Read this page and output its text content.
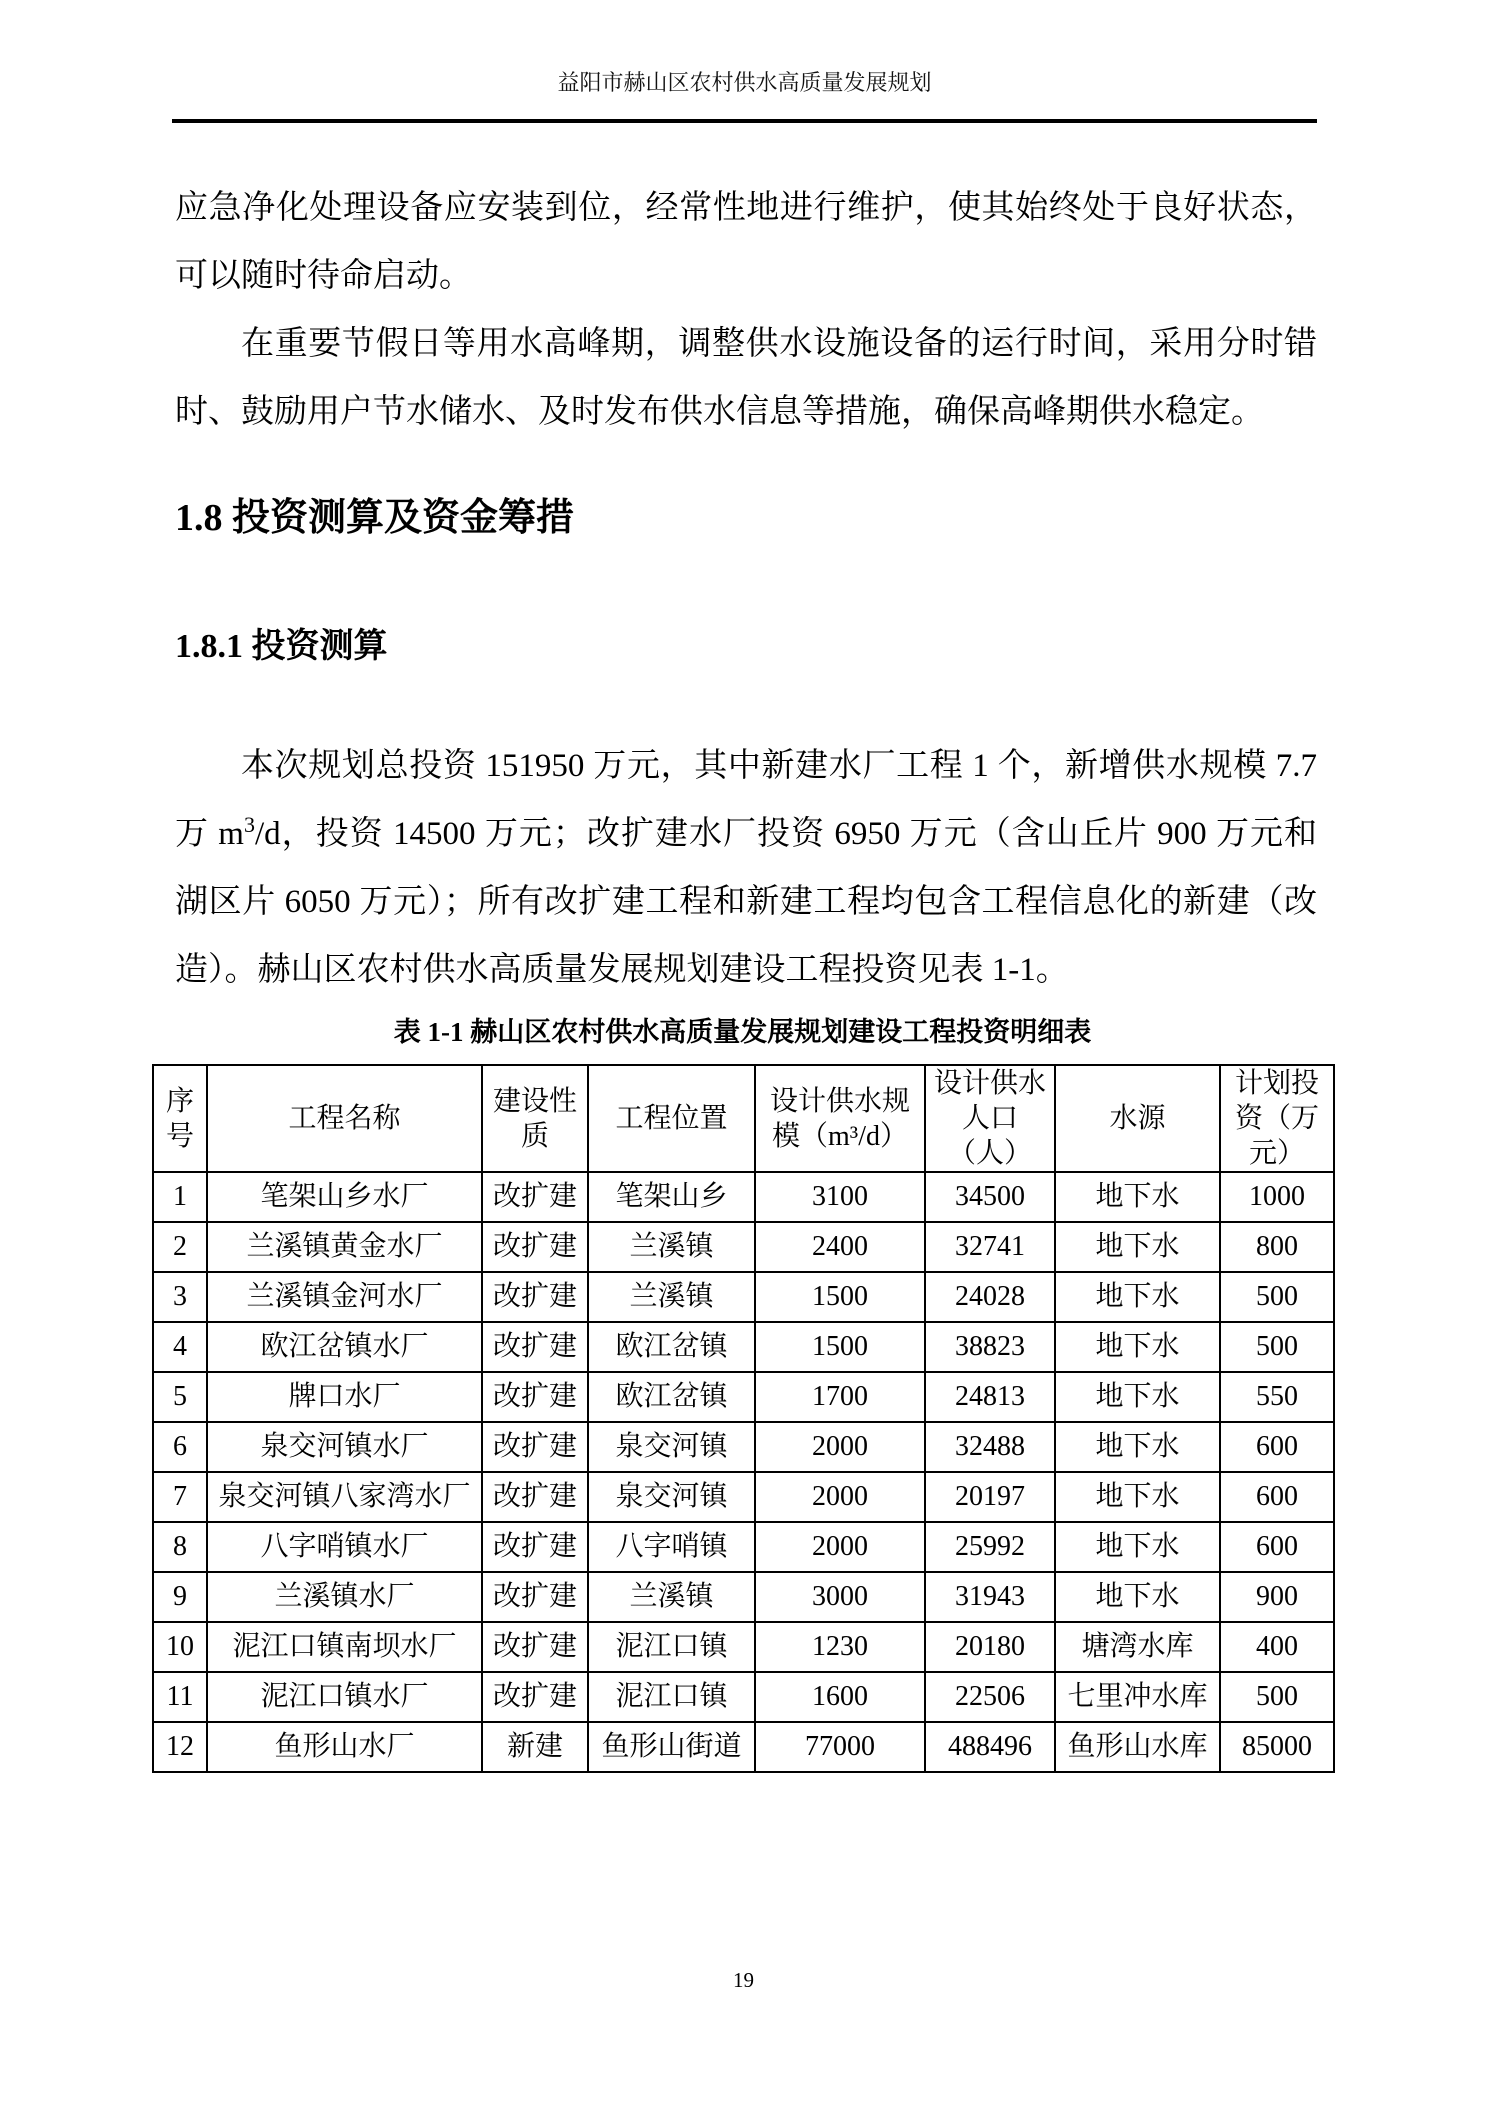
益阳市赫山区农村供水高质量发展规划

应急净化处理设备应安装到位，经常性地进行维护，使其始终处于良好状态，可以随时待命启动。

在重要节假日等用水高峰期，调整供水设施设备的运行时间，采用分时错时、鼓励用户节水储水、及时发布供水信息等措施，确保高峰期供水稳定。

1.8 投资测算及资金筹措
1.8.1 投资测算

本次规划总投资 151950 万元，其中新建水厂工程 1 个，新增供水规模 7.7 万 $m^3/d$，投资 14500 万元；改扩建水厂投资 6950 万元（含山丘片 900 万元和湖区片 6050 万元）；所有改扩建工程和新建工程均包含工程信息化的新建（改造）。赫山区农村供水高质量发展规划建设工程投资见表 1-1。

表 1-1 赫山区农村供水高质量发展规划建设工程投资明细表
序号	工程名称	建设性质	工程位置	设计供水规模（m³/d）	设计供水人口（人）	水源	计划投资（万元）
1	笔架山乡水厂	改扩建	笔架山乡	3100	34500	地下水	1000
2	兰溪镇黄金水厂	改扩建	兰溪镇	2400	32741	地下水	800
3	兰溪镇金河水厂	改扩建	兰溪镇	1500	24028	地下水	500
4	欧江岔镇水厂	改扩建	欧江岔镇	1500	38823	地下水	500
5	牌口水厂	改扩建	欧江岔镇	1700	24813	地下水	550
6	泉交河镇水厂	改扩建	泉交河镇	2000	32488	地下水	600
7	泉交河镇八家湾水厂	改扩建	泉交河镇	2000	20197	地下水	600
8	八字哨镇水厂	改扩建	八字哨镇	2000	25992	地下水	600
9	兰溪镇水厂	改扩建	兰溪镇	3000	31943	地下水	900
10	泥江口镇南坝水厂	改扩建	泥江口镇	1230	20180	塘湾水库	400
11	泥江口镇水厂	改扩建	泥江口镇	1600	22506	七里冲水库	500
12	鱼形山水厂	新建	鱼形山街道	77000	488496	鱼形山水库	85000
19
